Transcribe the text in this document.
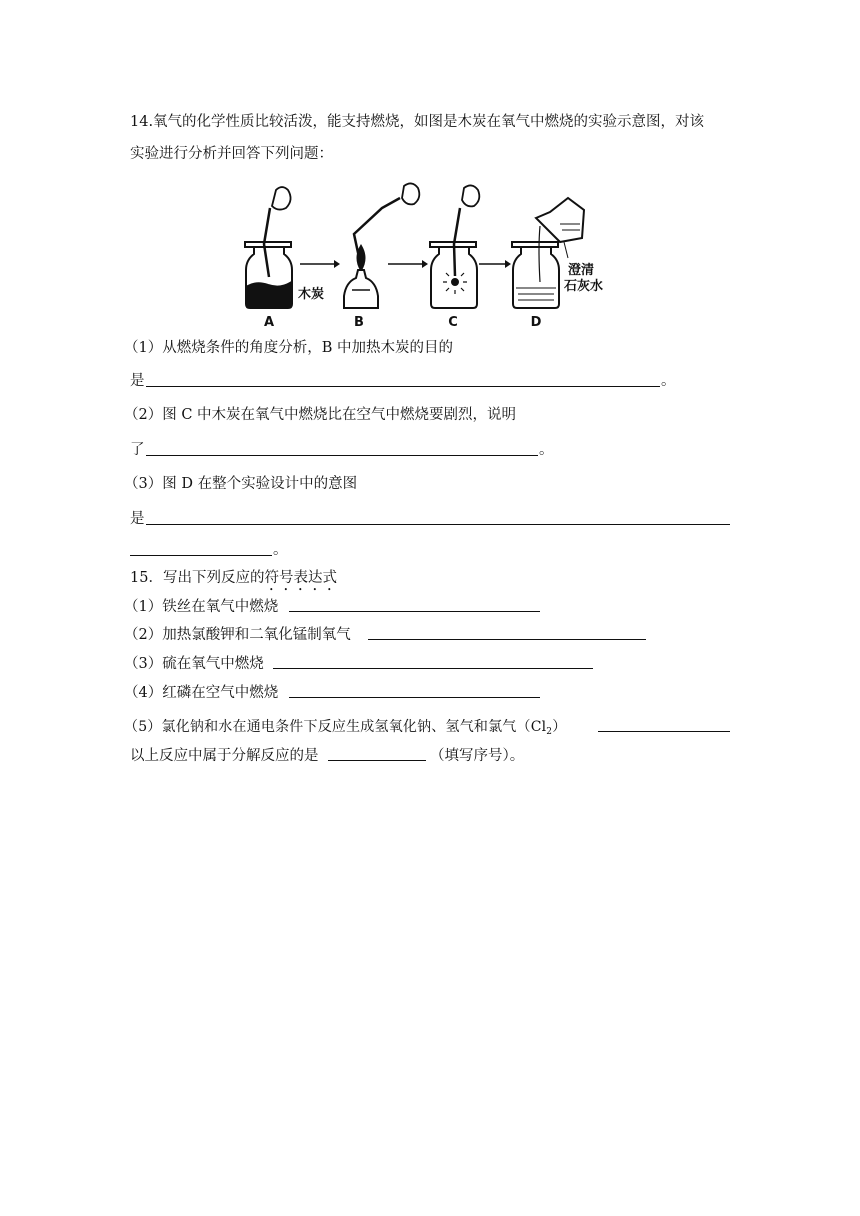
14.氧气的化学性质比较活泼，能支持燃烧，如图是木炭在氧气中燃烧的实验示意图，对该
实验进行分析并回答下列问题：
木炭
澄清
石灰水
A	B	C	D
（1）从燃烧条件的角度分析，B 中加热木炭的目的
是	。
（2）图 C 中木炭在氧气中燃烧比在空气中燃烧要剧烈，说明
了	。
（3）图 D 在整个实验设计中的意图
是
。
15．写出下列反应的符号表达式
（1）铁丝在氧气中燃烧
（2）加热氯酸钾和二氧化锰制氧气
（3）硫在氧气中燃烧
（4）红磷在空气中燃烧
（5）氯化钠和水在通电条件下反应生成氢氧化钠、氢气和氯气$(Cl_2)$
以上反应中属于分解反应的是	（填写序号）。
